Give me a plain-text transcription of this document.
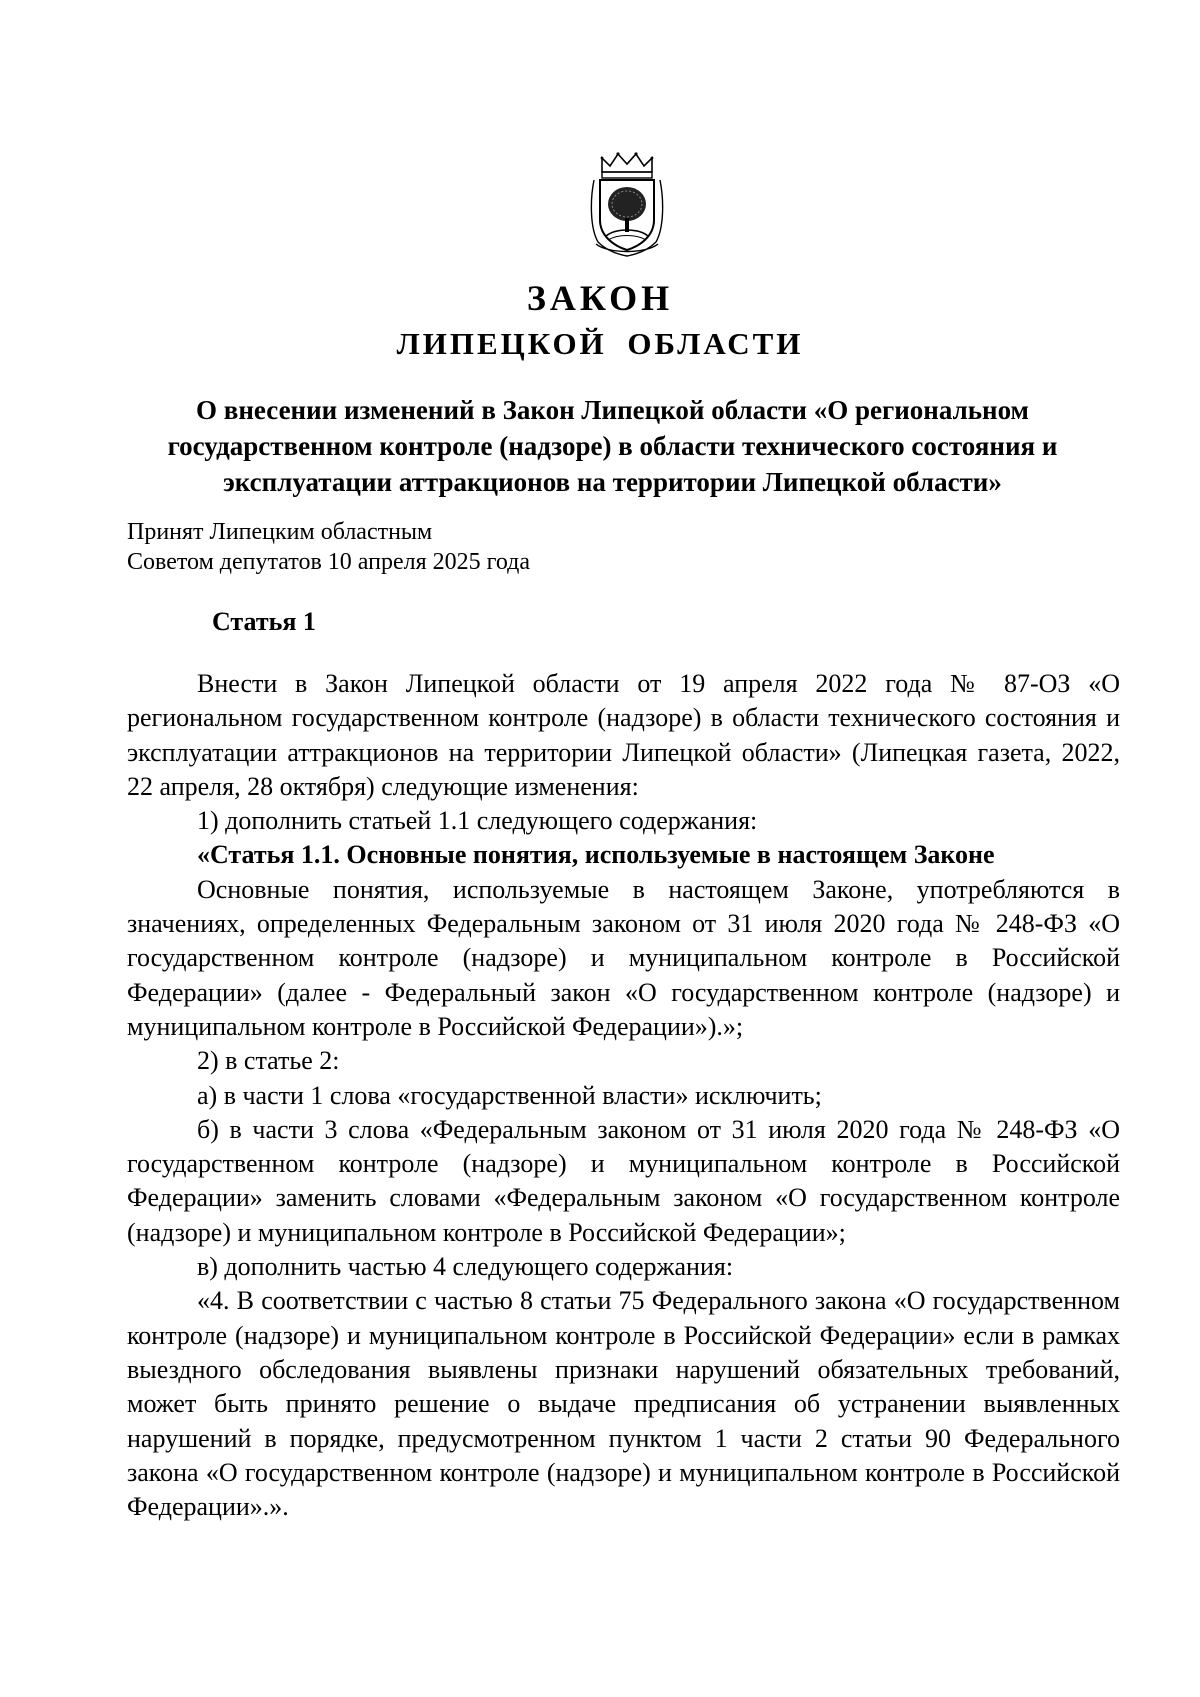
ЗАКОН
ЛИПЕЦКОЙ ОБЛАСТИ
О внесении изменений в Закон Липецкой области «О региональном государственном контроле (надзоре) в области технического состояния и эксплуатации аттракционов на территории Липецкой области»
Принят Липецким областным
Советом депутатов 10 апреля 2025 года
Статья 1

Внести в Закон Липецкой области от 19 апреля 2022 года № 87-ОЗ «О региональном государственном контроле (надзоре) в области технического состояния и эксплуатации аттракционов на территории Липецкой области» (Липецкая газета, 2022, 22 апреля, 28 октября) следующие изменения:

1) дополнить статьей 1.1 следующего содержания:

«Статья 1.1. Основные понятия, используемые в настоящем Законе

Основные понятия, используемые в настоящем Законе, употребляются в значениях, определенных Федеральным законом от 31 июля 2020 года № 248-ФЗ «О государственном контроле (надзоре) и муниципальном контроле в Российской Федерации» (далее - Федеральный закон «О государственном контроле (надзоре) и муниципальном контроле в Российской Федерации»).»;

2) в статье 2:

а) в части 1 слова «государственной власти» исключить;

б) в части 3 слова «Федеральным законом от 31 июля 2020 года № 248-ФЗ «О государственном контроле (надзоре) и муниципальном контроле в Российской Федерации» заменить словами «Федеральным законом «О государственном контроле (надзоре) и муниципальном контроле в Российской Федерации»;

в) дополнить частью 4 следующего содержания:

«4. В соответствии с частью 8 статьи 75 Федерального закона «О государственном контроле (надзоре) и муниципальном контроле в Российской Федерации» если в рамках выездного обследования выявлены признаки нарушений обязательных требований, может быть принято решение о выдаче предписания об устранении выявленных нарушений в порядке, предусмотренном пунктом 1 части 2 статьи 90 Федерального закона «О государственном контроле (надзоре) и муниципальном контроле в Российской Федерации».».
